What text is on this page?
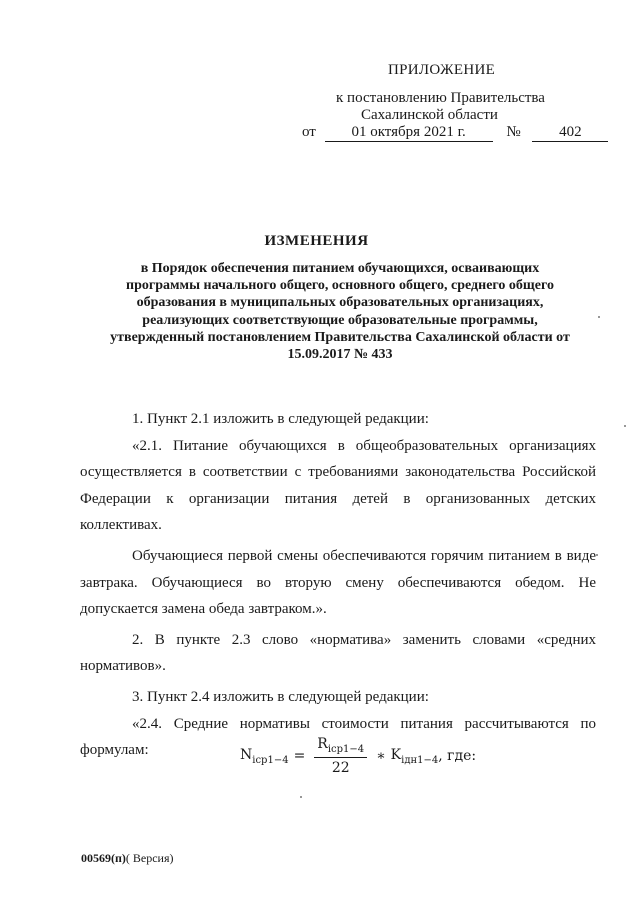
ПРИЛОЖЕНИЕ
к постановлению Правительства
Сахалинской области
от 01 октября 2021 г.	№	402
ИЗМЕНЕНИЯ
в Порядок обеспечения питанием обучающихся, осваивающих
программы начального общего, основного общего, среднего общего
образования в муниципальных образовательных организациях,
реализующих соответствующие образовательные программы,
утвержденный постановлением Правительства Сахалинской области от
15.09.2017 № 433

1. Пункт 2.1 изложить в следующей редакции:

«2.1. Питание обучающихся в общеобразовательных организациях осуществляется в соответствии с требованиями законодательства Российской Федерации к организации питания детей в организованных детских коллективах.

Обучающиеся первой смены обеспечиваются горячим питанием в виде завтрака. Обучающиеся во вторую смену обеспечиваются обедом. Не допускается замена обеда завтраком.».

2. В пункте 2.3 слово «норматива» заменить словами «средних нормативов».

3. Пункт 2.4 изложить в следующей редакции:

«2.4. Средние нормативы стоимости питания рассчитываются по формулам:	$N_{icp1-4} = \frac{R_{icp1-4}}{22}$ ∗ $K_{iдн1-4}$ , где:
00569(п)( Версия)
